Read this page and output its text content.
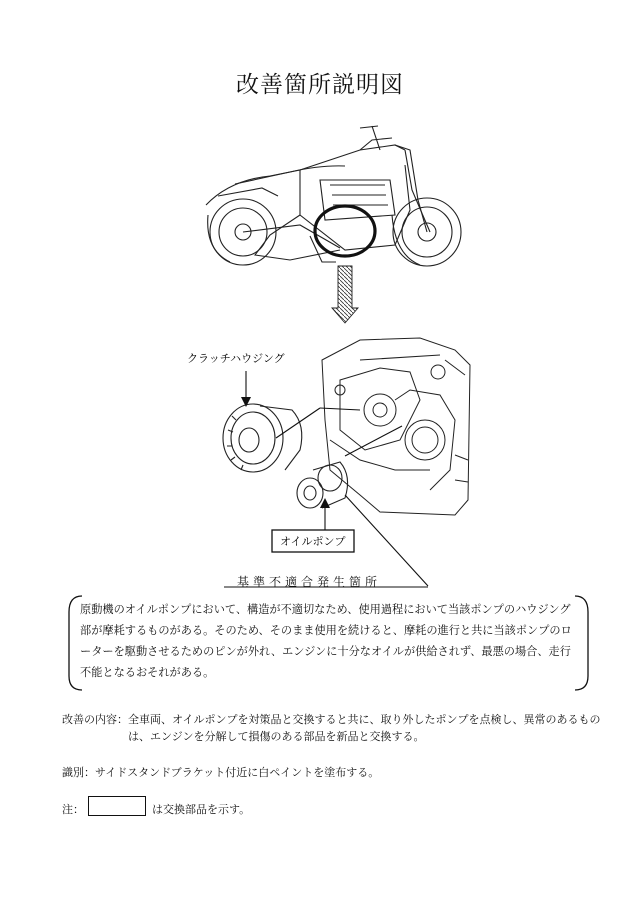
改善箇所説明図
クラッチハウジング
オイルポンプ
基準不適合発生箇所
原動機のオイルポンプにおいて、構造が不適切なため、使用過程において当該ポンプのハウジング部が摩耗するものがある。そのため、そのまま使用を続けると、摩耗の進行と共に当該ポンプのローターを駆動させるためのピンが外れ、エンジンに十分なオイルが供給されず、最悪の場合、走行不能となるおそれがある。
改善の内容： 全車両、オイルポンプを対策品と交換すると共に、取り外したポンプを点検し、異常のあるものは、エンジンを分解して損傷のある部品を新品と交換する。
識別：サイドスタンドブラケット付近に白ペイントを塗布する。
注：	は交換部品を示す。
